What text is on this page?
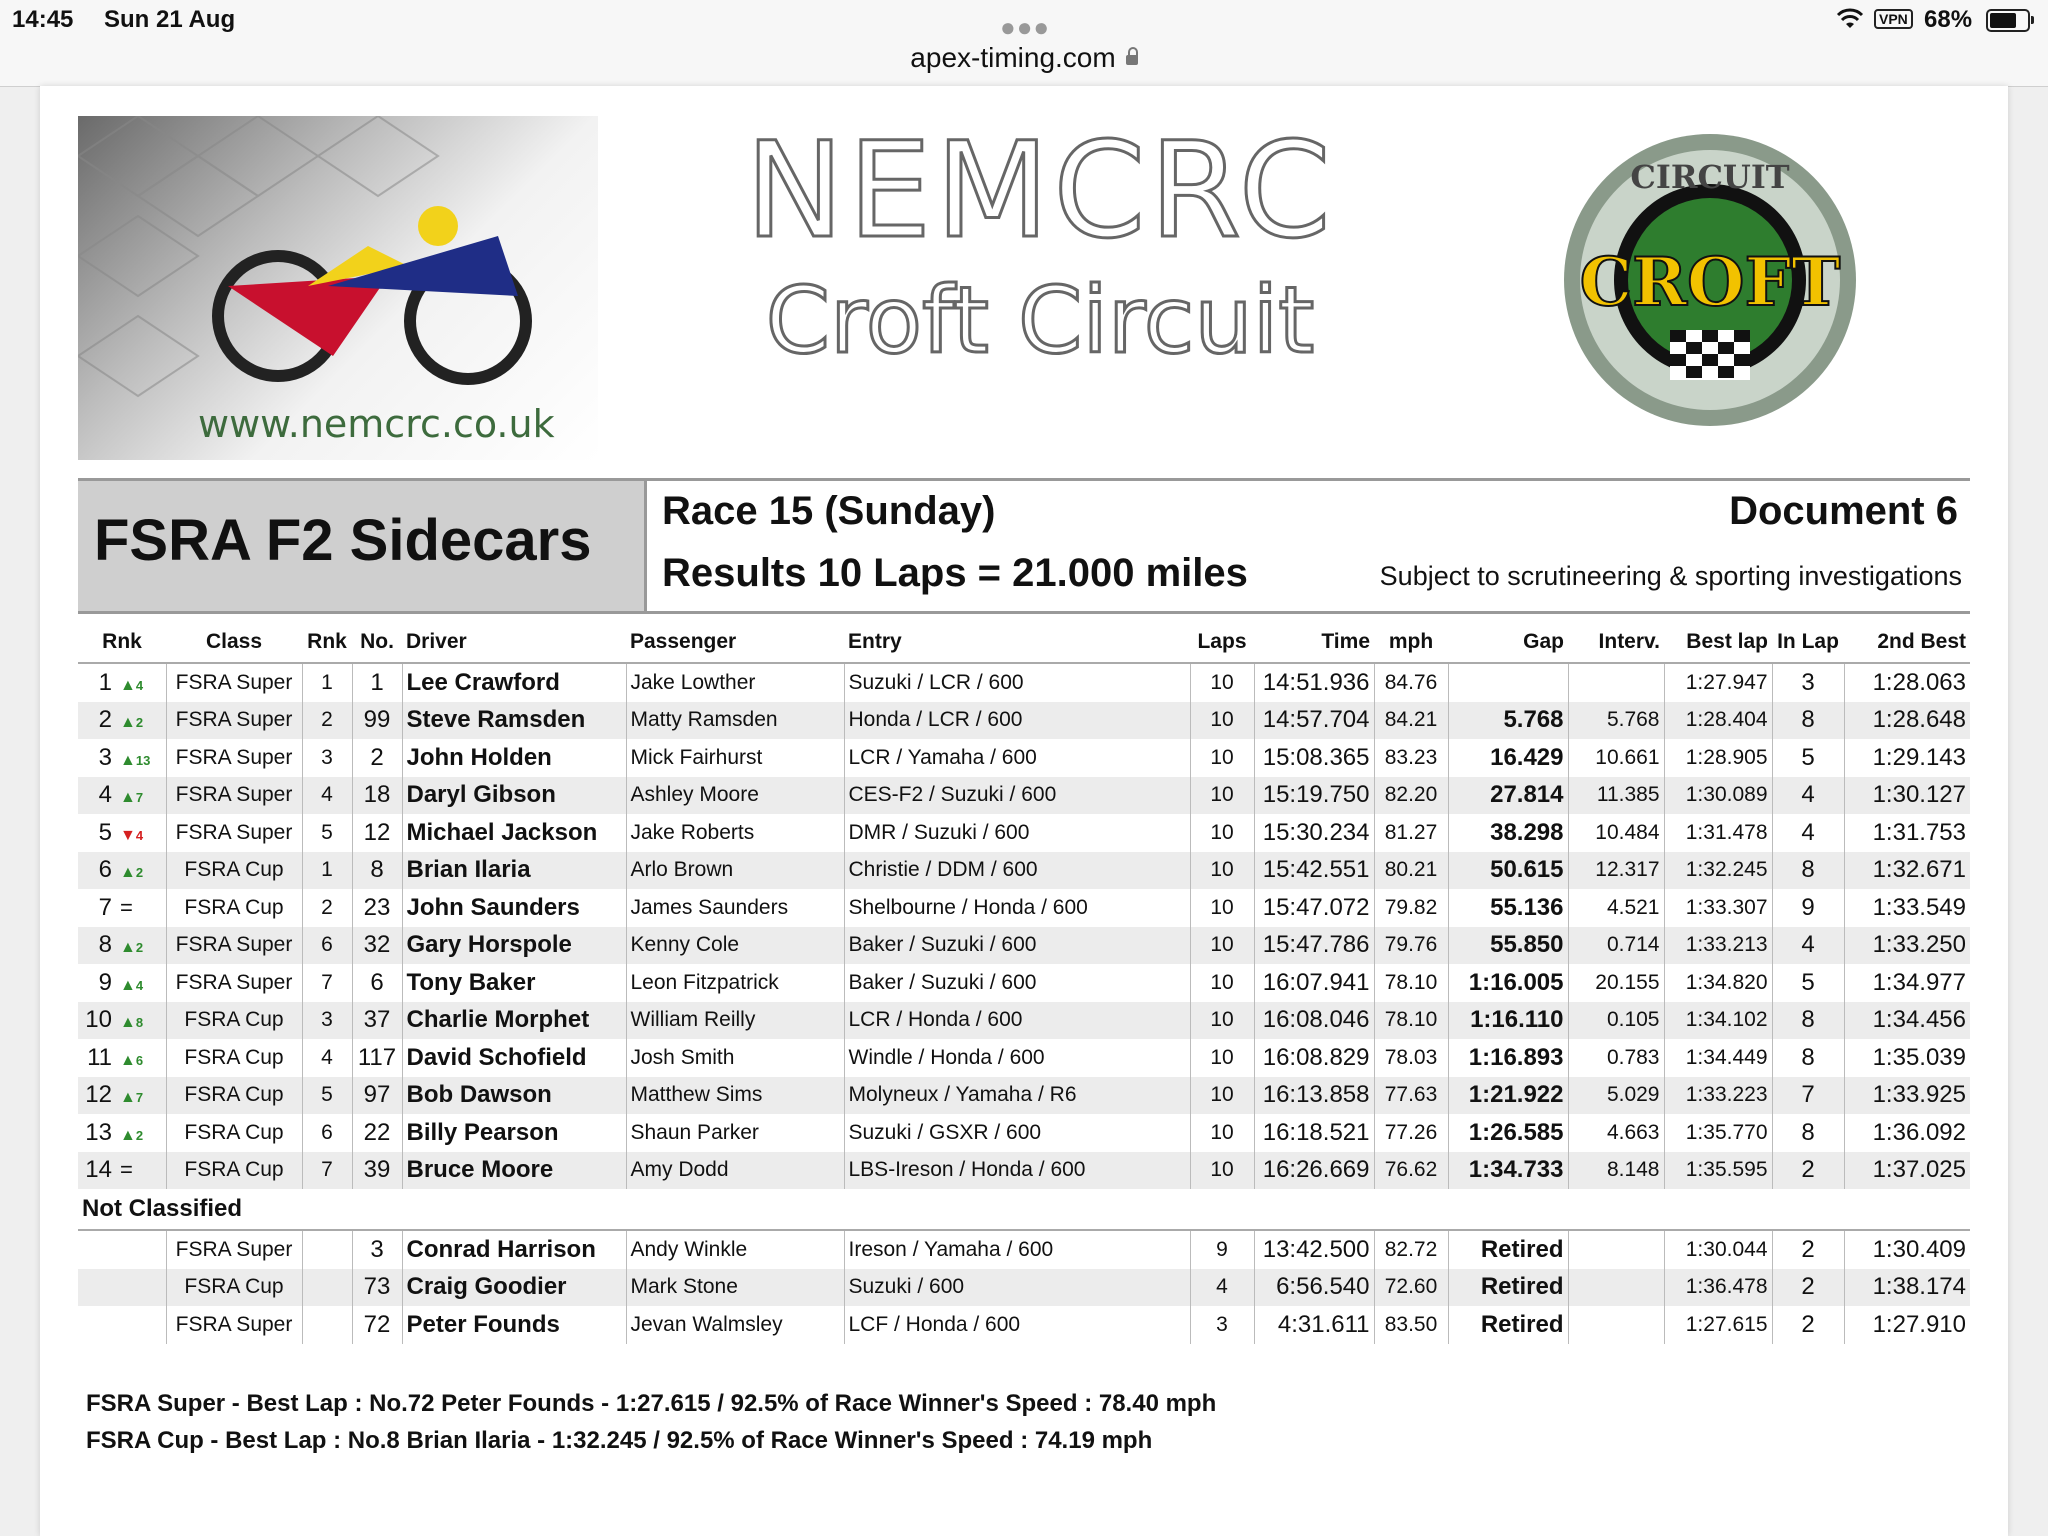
14:45 Sun 21 Aug	●●●
apex-timing.com
VPN 68%
www.nemcrc.co.uk
NEMCRC
Croft Circuit
CIRCUIT
CROFT
FSRA F2 Sidecars Race 15 (Sunday)
Results 10 Laps = 21.000 miles
Document 6
Subject to scrutineering & sporting investigations
Rnk	Class	Rnk	No.	Driver	Passenger	Entry	Laps	Time	mph	Gap	Interv.	Best lap	In Lap	2nd Best
1 ▲4	FSRA Super	1	1	Lee Crawford	Jake Lowther	Suzuki / LCR / 600	10	14:51.936	84.76			1:27.947	3	1:28.063
2 ▲2	FSRA Super	2	99	Steve Ramsden	Matty Ramsden	Honda / LCR / 600	10	14:57.704	84.21	5.768	5.768	1:28.404	8	1:28.648
3 ▲13	FSRA Super	3	2	John Holden	Mick Fairhurst	LCR / Yamaha / 600	10	15:08.365	83.23	16.429	10.661	1:28.905	5	1:29.143
4 ▲7	FSRA Super	4	18	Daryl Gibson	Ashley Moore	CES-F2 / Suzuki / 600	10	15:19.750	82.20	27.814	11.385	1:30.089	4	1:30.127
5 ▼4	FSRA Super	5	12	Michael Jackson	Jake Roberts	DMR / Suzuki / 600	10	15:30.234	81.27	38.298	10.484	1:31.478	4	1:31.753
6 ▲2	FSRA Cup	1	8	Brian Ilaria	Arlo Brown	Christie / DDM / 600	10	15:42.551	80.21	50.615	12.317	1:32.245	8	1:32.671
7 =	FSRA Cup	2	23	John Saunders	James Saunders	Shelbourne / Honda / 600	10	15:47.072	79.82	55.136	4.521	1:33.307	9	1:33.549
8 ▲2	FSRA Super	6	32	Gary Horspole	Kenny Cole	Baker / Suzuki / 600	10	15:47.786	79.76	55.850	0.714	1:33.213	4	1:33.250
9 ▲4	FSRA Super	7	6	Tony Baker	Leon Fitzpatrick	Baker / Suzuki / 600	10	16:07.941	78.10	1:16.005	20.155	1:34.820	5	1:34.977
10 ▲8	FSRA Cup	3	37	Charlie Morphet	William Reilly	LCR / Honda / 600	10	16:08.046	78.10	1:16.110	0.105	1:34.102	8	1:34.456
11 ▲6	FSRA Cup	4	117	David Schofield	Josh Smith	Windle / Honda / 600	10	16:08.829	78.03	1:16.893	0.783	1:34.449	8	1:35.039
12 ▲7	FSRA Cup	5	97	Bob Dawson	Matthew Sims	Molyneux / Yamaha / R6	10	16:13.858	77.63	1:21.922	5.029	1:33.223	7	1:33.925
13 ▲2	FSRA Cup	6	22	Billy Pearson	Shaun Parker	Suzuki / GSXR / 600	10	16:18.521	77.26	1:26.585	4.663	1:35.770	8	1:36.092
14 =	FSRA Cup	7	39	Bruce Moore	Amy Dodd	LBS-Ireson / Honda / 600	10	16:26.669	76.62	1:34.733	8.148	1:35.595	2	1:37.025
Not Classified														
	FSRA Super		3	Conrad Harrison	Andy Winkle	Ireson / Yamaha / 600	9	13:42.500	82.72	Retired		1:30.044	2	1:30.409
	FSRA Cup		73	Craig Goodier	Mark Stone	Suzuki / 600	4	6:56.540	72.60	Retired		1:36.478	2	1:38.174
	FSRA Super		72	Peter Founds	Jevan Walmsley	LCF / Honda / 600	3	4:31.611	83.50	Retired		1:27.615	2	1:27.910
FSRA Super - Best Lap : No.72 Peter Founds - 1:27.615 / 92.5% of Race Winner's Speed : 78.40 mph
FSRA Cup - Best Lap : No.8 Brian Ilaria - 1:32.245 / 92.5% of Race Winner's Speed : 74.19 mph
